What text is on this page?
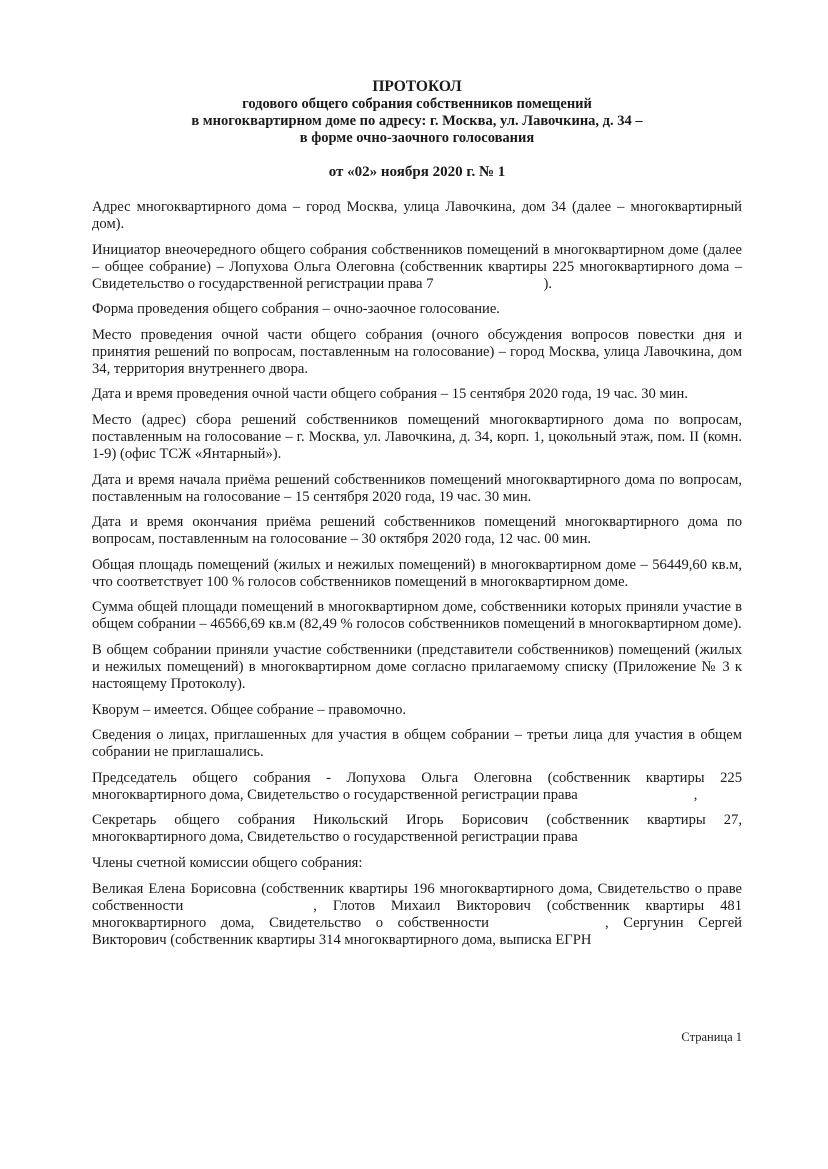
ПРОТОКОЛ
годового общего собрания собственников помещений
в многоквартирном доме по адресу: г. Москва, ул. Лавочкина, д. 34 –
в форме очно-заочного голосования
от «02» ноября 2020 г. № 1

Адрес многоквартирного дома – город Москва, улица Лавочкина, дом 34 (далее – многоквартирный дом).

Инициатор внеочередного общего собрания собственников помещений в многоквартирном доме (далее – общее собрание) – Лопухова Ольга Олеговна (собственник квартиры 225 многоквартирного дома – Свидетельство о государственной регистрации права 7	).

Форма проведения общего собрания – очно-заочное голосование.

Место проведения очной части общего собрания (очного обсуждения вопросов повестки дня и принятия решений по вопросам, поставленным на голосование) – город Москва, улица Лавочкина, дом 34, территория внутреннего двора.

Дата и время проведения очной части общего собрания – 15 сентября 2020 года, 19 час. 30 мин.

Место (адрес) сбора решений собственников помещений многоквартирного дома по вопросам, поставленным на голосование – г. Москва, ул. Лавочкина, д. 34, корп. 1, цокольный этаж, пом. II (комн. 1-9) (офис ТСЖ «Янтарный»).

Дата и время начала приёма решений собственников помещений многоквартирного дома по вопросам, поставленным на голосование – 15 сентября 2020 года, 19 час. 30 мин.

Дата и время окончания приёма решений собственников помещений многоквартирного дома по вопросам, поставленным на голосование – 30 октября 2020 года, 12 час. 00 мин.

Общая площадь помещений (жилых и нежилых помещений) в многоквартирном доме – 56449,60 кв.м, что соответствует 100 % голосов собственников помещений в многоквартирном доме.

Сумма общей площади помещений в многоквартирном доме, собственники которых приняли участие в общем собрании – 46566,69 кв.м (82,49 % голосов собственников помещений в многоквартирном доме).

В общем собрании приняли участие собственники (представители собственников) помещений (жилых и нежилых помещений) в многоквартирном доме согласно прилагаемому списку (Приложение № 3 к настоящему Протоколу).

Кворум – имеется. Общее собрание – правомочно.

Сведения о лицах, приглашенных для участия в общем собрании – третьи лица для участия в общем собрании не приглашались.

Председатель общего собрания - Лопухова Ольга Олеговна (собственник квартиры 225 многоквартирного дома, Свидетельство о государственной регистрации права	,

Секретарь общего собрания Никольский Игорь Борисович (собственник квартиры 27, многоквартирного дома, Свидетельство о государственной регистрации права

Члены счетной комиссии общего собрания:

Великая Елена Борисовна (собственник квартиры 196 многоквартирного дома, Свидетельство о праве собственности	, Глотов Михаил Викторович (собственник квартиры 481 многоквартирного дома, Свидетельство о собственности	, Сергунин Сергей Викторович (собственник квартиры 314 многоквартирного дома, выписка ЕГРН

Страница 1
